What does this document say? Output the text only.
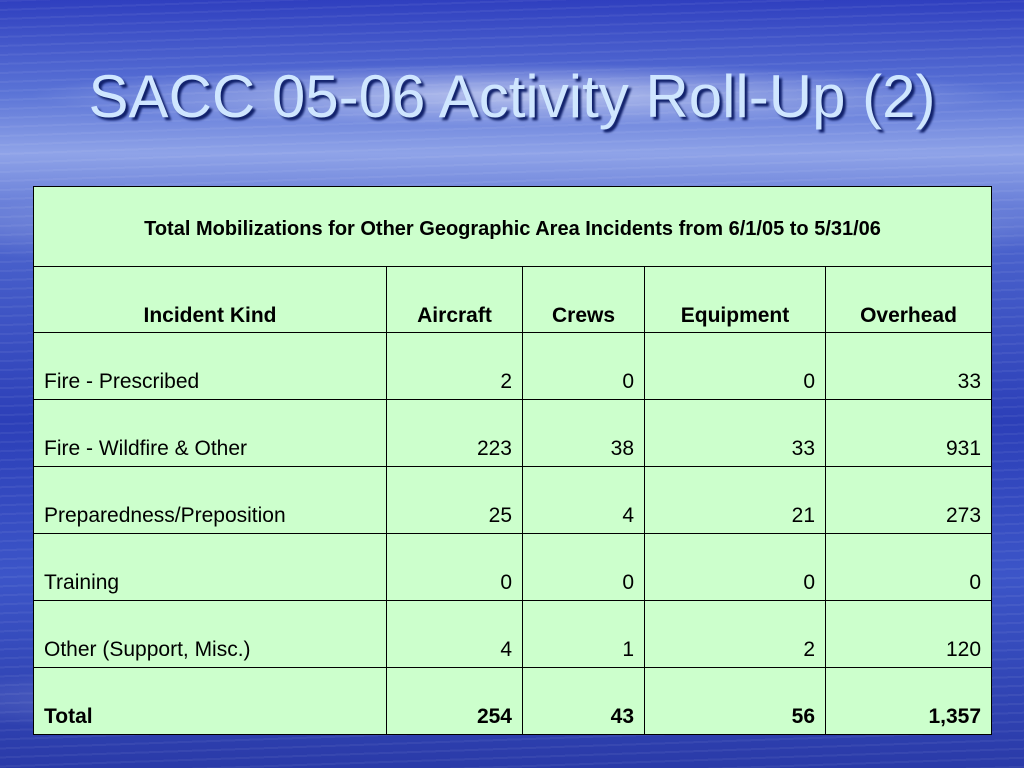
SACC 05-06 Activity Roll-Up (2)
Total Mobilizations for Other Geographic Area Incidents from 6/1/05 to 5/31/06				
Incident Kind	Aircraft	Crews	Equipment	Overhead
Fire - Prescribed	2	0	0	33
Fire - Wildfire & Other	223	38	33	931
Preparedness/Preposition	25	4	21	273
Training	0	0	0	0
Other (Support, Misc.)	4	1	2	120
Total	254	43	56	1,357
